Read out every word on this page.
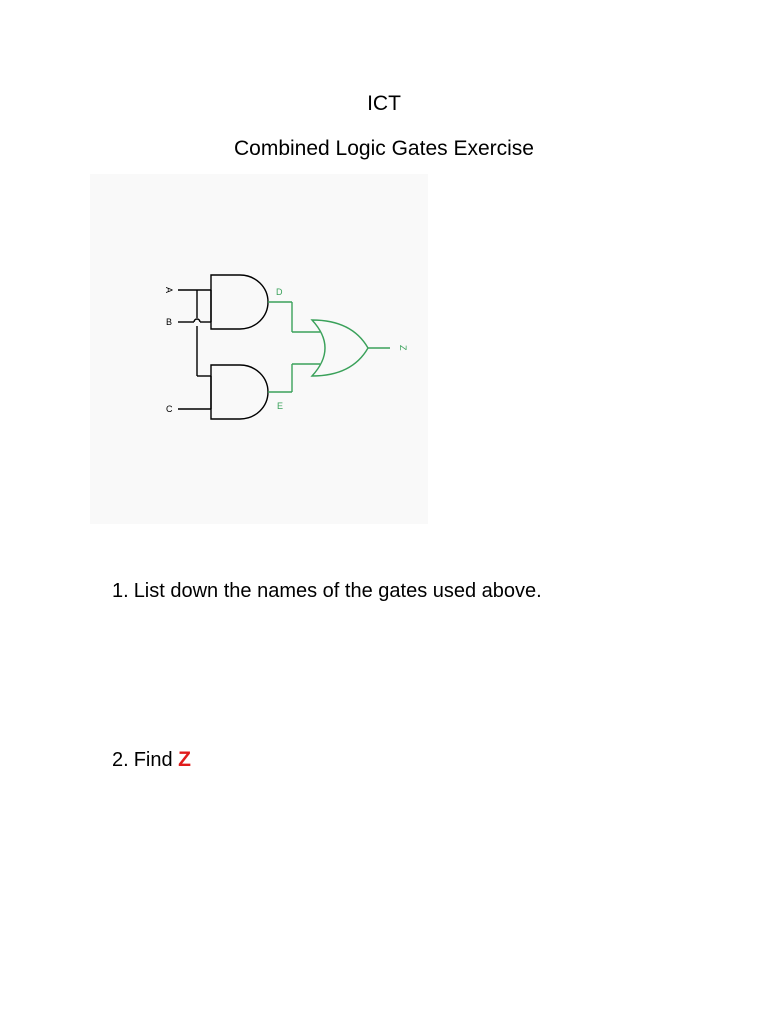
ICT
Combined Logic Gates Exercise
A
B
C
D
E
Z
1. List down the names of the gates used above.
2. Find Z
